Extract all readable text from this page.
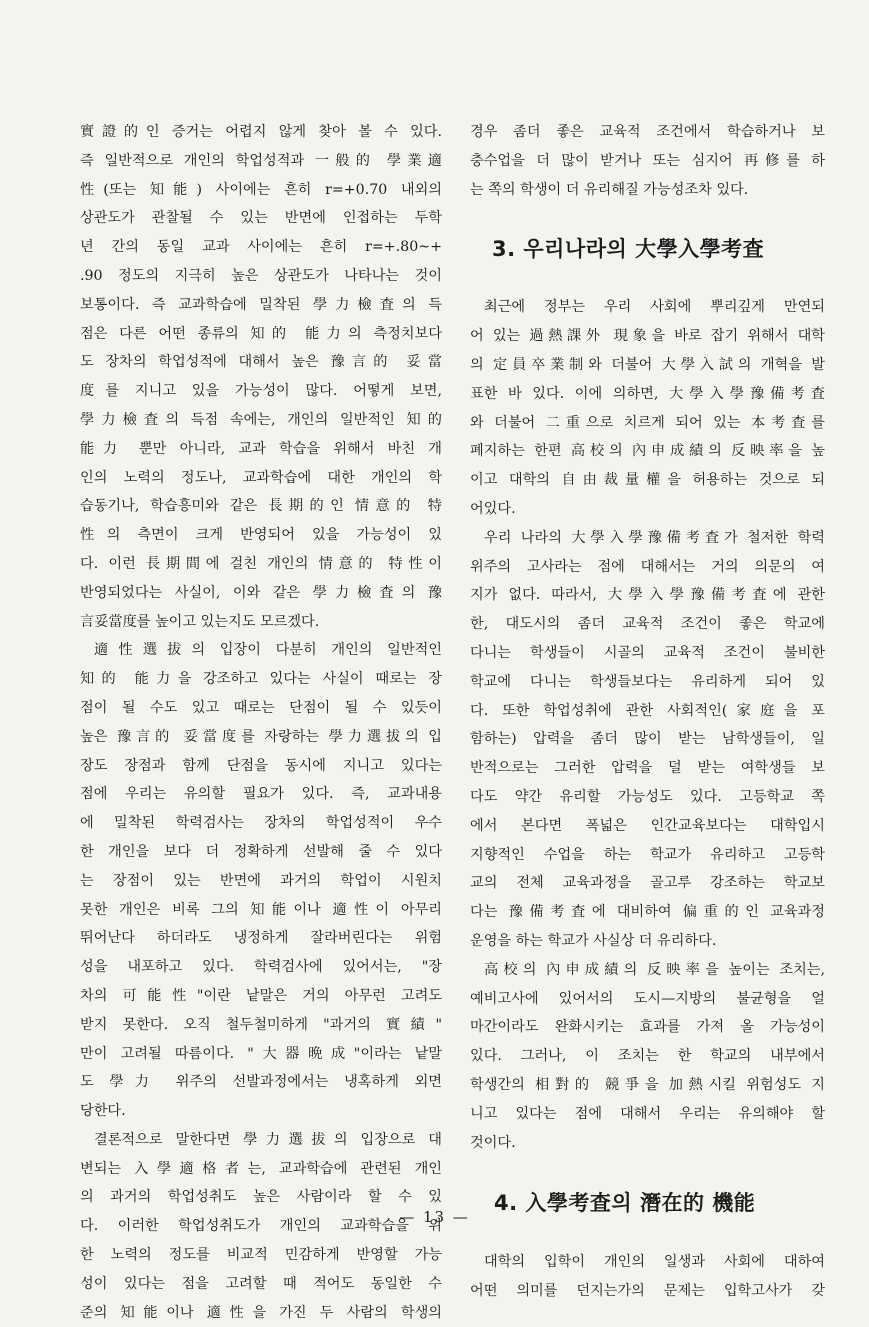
實證的인 증거는 어렵지 않게 찾아 볼 수 있다.
즉 일반적으로 개인의 학업성적과 一般的 學業適
性(또는 知能) 사이에는 흔히 r=+0.70 내외의
상관도가 관찰될 수 있는 반면에 인접하는 두학
년 간의 동일 교과 사이에는 흔히 r=+.80~+
.90 정도의 지극히 높은 상관도가 나타나는 것이
보통이다. 즉 교과학습에 밀착된 學力檢査의 득
점은 다른 어떤 종류의 知的 能力의 측정치보다
도 장차의 학업성적에 대해서 높은 豫言的 妥當
度를 지니고 있을 가능성이 많다. 어떻게 보면,
學力檢査의 득점 속에는, 개인의 일반적인 知的
能力 뿐만 아니라, 교과 학습을 위해서 바친 개
인의 노력의 정도나, 교과학습에 대한 개인의 학
습동기나, 학습흥미와 같은 長期的인 情意的 特
性의 측면이 크게 반영되어 있을 가능성이 있
다. 이런 長期間에 걸친 개인의 情意的 特性이
반영되었다는 사실이, 이와 같은 學力檢査의 豫
言妥當度를 높이고 있는지도 모르겠다.
適性選拔의 입장이 다분히 개인의 일반적인
知的 能力을 강조하고 있다는 사실이 때로는 장
점이 될 수도 있고 때로는 단점이 될 수 있듯이
높은 豫言的 妥當度를 자랑하는 學力選拔의 입
장도 장점과 함께 단점을 동시에 지니고 있다는
점에 우리는 유의할 필요가 있다. 즉, 교과내용
에 밀착된 학력검사는 장차의 학업성적이 우수
한 개인을 보다 더 정확하게 선발해 줄 수 있다
는 장점이 있는 반면에 과거의 학업이 시원치
못한 개인은 비록 그의 知能이나 適性이 아무리
뛰어난다 하더라도 냉정하게 잘라버린다는 위험
성을 내포하고 있다. 학력검사에 있어서는, "장
차의 可能性"이란 낱말은 거의 아무런 고려도
받지 못한다. 오직 철두철미하게 "과거의 實績"
만이 고려될 따름이다. "大器晩成"이라는 낱말
도 學力 위주의 선발과정에서는 냉혹하게 외면
당한다.
결론적으로 말한다면 學力選拔의 입장으로 대
변되는 入學適格者는, 교과학습에 관련된 개인
의 과거의 학업성취도 높은 사람이라 할 수 있
다. 이러한 학업성취도가 개인의 교과학습을 위
한 노력의 정도를 비교적 민감하게 반영할 가능
성이 있다는 점을 고려할 때 적어도 동일한 수
준의 知能이나 適性을 가진 두 사람의 학생의
경우 좀더 좋은 교육적 조건에서 학습하거나 보
충수업을 더 많이 받거나 또는 심지어 再修를 하
는 쪽의 학생이 더 유리해질 가능성조차 있다.
3. 우리나라의 大學入學考査
최근에 정부는 우리 사회에 뿌리깊게 만연되
어 있는 過熱課外 現象을 바로 잡기 위해서 대학
의 定員卒業制와 더불어 大學入試의 개혁을 발
표한 바 있다. 이에 의하면, 大學入學豫備考査
와 더불어 二重으로 치르게 되어 있는 本考査를
폐지하는 한편 高校의 內申成績의 反映率을 높
이고 대학의 自由裁量權을 허용하는 것으로 되
어있다.
우리 나라의 大學入學豫備考査가 철저한 학력
위주의 고사라는 점에 대해서는 거의 의문의 여
지가 없다. 따라서, 大學入學豫備考査에 관한
한, 대도시의 좀더 교육적 조건이 좋은 학교에
다니는 학생들이 시골의 교육적 조건이 불비한
학교에 다니는 학생들보다는 유리하게 되어 있
다. 또한 학업성취에 관한 사회적인(家庭을 포
함하는) 압력을 좀더 많이 받는 남학생들이, 일
반적으로는 그러한 압력을 덜 받는 여학생들 보
다도 약간 유리할 가능성도 있다. 고등학교 쪽
에서 본다면 폭넓은 인간교육보다는 대학입시
지향적인 수업을 하는 학교가 유리하고 고등학
교의 전체 교육과정을 골고루 강조하는 학교보
다는 豫備考査에 대비하여 偏重的인 교육과정
운영을 하는 학교가 사실상 더 유리하다.
高校의 內申成績의 反映率을 높이는 조치는,
예비고사에 있어서의 도시—지방의 불균형을 얼
마간이라도 완화시키는 효과를 가져 올 가능성이
있다. 그러나, 이 조치는 한 학교의 내부에서
학생간의 相對的 競爭을 加熱시킬 위험성도 지
니고 있다는 점에 대해서 우리는 유의해야 할
것이다.
4. 入學考査의 潛在的 機能
대학의 입학이 개인의 일생과 사회에 대하여
어떤 의미를 던지는가의 문제는 입학고사가 갖
— 13 —
